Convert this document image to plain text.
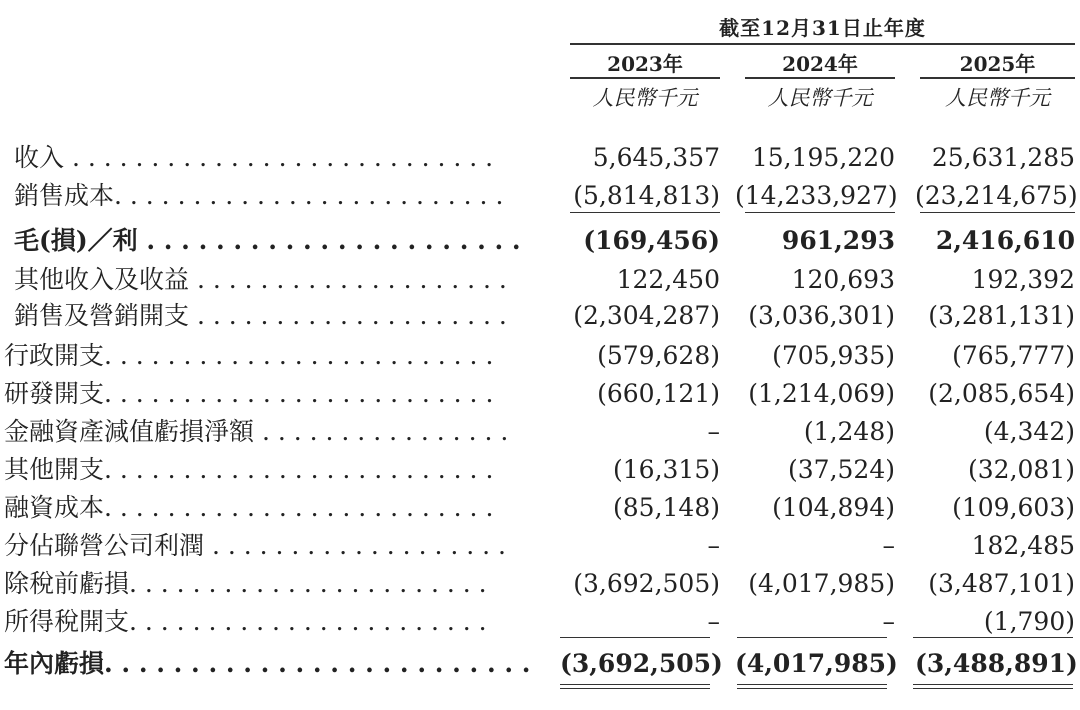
截至12月31日止年度
2023年	2024年	2025年
人民幣千元	人民幣千元	人民幣千元
收入 . . . . . . . . . . . . . . . . . . . . . . . . . . .	5,645,357	15,195,220	25,631,285
銷售成本. . . . . . . . . . . . . . . . . . . . . . . . .	(5,814,813) (14,233,927) (23,214,675)
毛(損)／利 . . . . . . . . . . . . . . . . . . . . . .	(169,456)	961,293	2,416,610
其他收入及收益 . . . . . . . . . . . . . . . . . . . .	122,450	120,693	192,392
銷售及營銷開支 . . . . . . . . . . . . . . . . . . . .	(2,304,287)	(3,036,301)	(3,281,131)
行政開支. . . . . . . . . . . . . . . . . . . . . . . . .	(579,628)	(705,935)	(765,777)
研發開支. . . . . . . . . . . . . . . . . . . . . . . . .	(660,121)	(1,214,069)	(2,085,654)
金融資產減值虧損淨額 . . . . . . . . . . . . . . . .	–	(1,248)	(4,342)
其他開支. . . . . . . . . . . . . . . . . . . . . . . . .	(16,315)	(37,524)	(32,081)
融資成本. . . . . . . . . . . . . . . . . . . . . . . . .	(85,148)	(104,894)	(109,603)
分佔聯營公司利潤 . . . . . . . . . . . . . . . . . . .	–	–	182,485
除稅前虧損. . . . . . . . . . . . . . . . . . . . . . .	(3,692,505)	(4,017,985)	(3,487,101)
所得稅開支. . . . . . . . . . . . . . . . . . . . . . .	–	–	(1,790)
年內虧損. . . . . . . . . . . . . . . . . . . . . . . . .	(3,692,505) (4,017,985) (3,488,891)
